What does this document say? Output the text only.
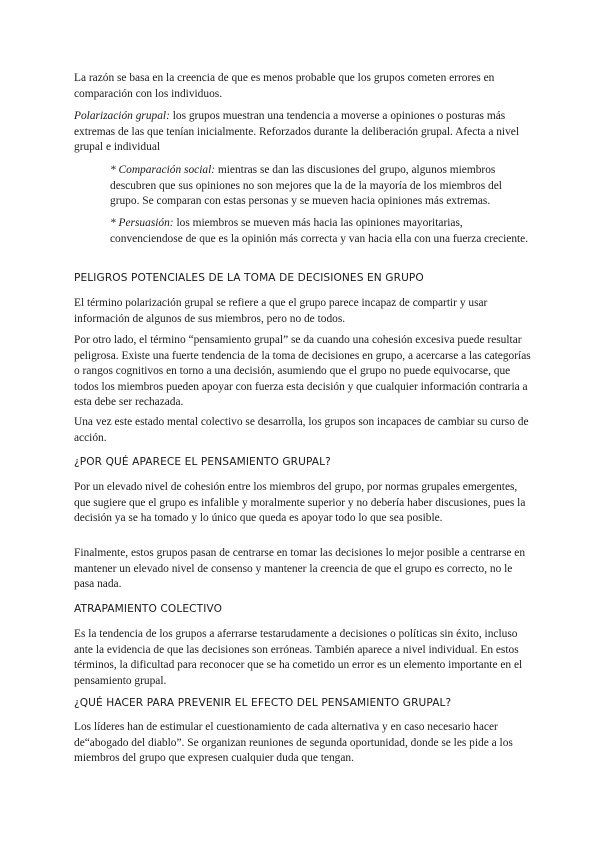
La razón se basa en la creencia de que es menos probable que los grupos cometen errores en comparación con los individuos.

Polarización grupal: los grupos muestran una tendencia a moverse a opiniones o posturas más extremas de las que tenían inicialmente. Reforzados durante la deliberación grupal. Afecta a nivel grupal e individual

* Comparación social: mientras se dan las discusiones del grupo, algunos miembros descubren que sus opiniones no son mejores que la de la mayoría de los miembros del grupo. Se comparan con estas personas y se mueven hacia opiniones más extremas.

* Persuasión: los miembros se mueven más hacia las opiniones mayoritarias, convenciendose de que es la opinión más correcta y van hacia ella con una fuerza creciente.

PELIGROS POTENCIALES DE LA TOMA DE DECISIONES EN GRUPO

El término polarización grupal se refiere a que el grupo parece incapaz de compartir y usar información de algunos de sus miembros, pero no de todos.

Por otro lado, el término “pensamiento grupal” se da cuando una cohesión excesiva puede resultar peligrosa. Existe una fuerte tendencia de la toma de decisiones en grupo, a acercarse a las categorías o rangos cognitivos en torno a una decisión, asumiendo que el grupo no puede equivocarse, que todos los miembros pueden apoyar con fuerza esta decisión y que cualquier información contraria a esta debe ser rechazada.

Una vez este estado mental colectivo se desarrolla, los grupos son incapaces de cambiar su curso de acción.

¿POR QUÉ APARECE EL PENSAMIENTO GRUPAL?

Por un elevado nivel de cohesión entre los miembros del grupo, por normas grupales emergentes, que sugiere que el grupo es infalible y moralmente superior y no debería haber discusiones, pues la decisión ya se ha tomado y lo único que queda es apoyar todo lo que sea posible.

Finalmente, estos grupos pasan de centrarse en tomar las decisiones lo mejor posible a centrarse en mantener un elevado nivel de consenso y mantener la creencia de que el grupo es correcto, no le pasa nada.

ATRAPAMIENTO COLECTIVO

Es la tendencia de los grupos a aferrarse testarudamente a decisiones o políticas sin éxito, incluso ante la evidencia de que las decisiones son erróneas. También aparece a nivel individual. En estos términos, la dificultad para reconocer que se ha cometido un error es un elemento importante en el pensamiento grupal.

¿QUÉ HACER PARA PREVENIR EL EFECTO DEL PENSAMIENTO GRUPAL?

Los líderes han de estimular el cuestionamiento de cada alternativa y en caso necesario hacer de“abogado del diablo”. Se organizan reuniones de segunda oportunidad, donde se les pide a los miembros del grupo que expresen cualquier duda que tengan.
